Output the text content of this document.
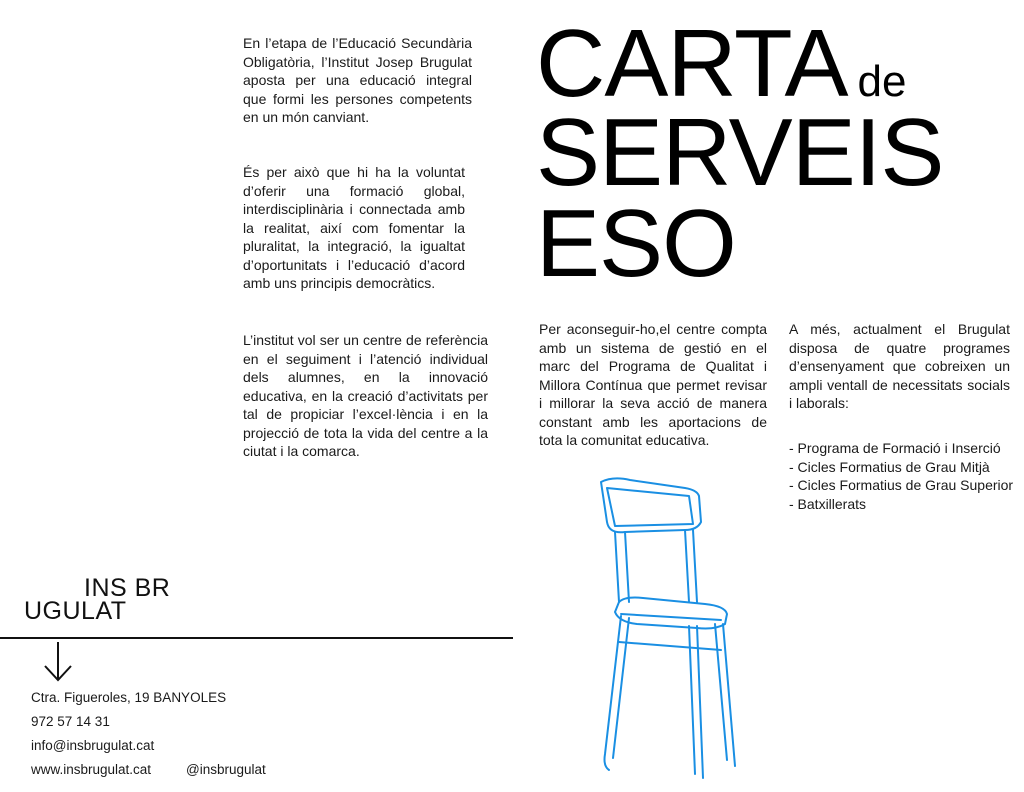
En l’etapa de l’Educació Secundària Obligatòria, l’Institut Josep Brugulat aposta per una educació integral que formi les persones competents en un món canviant.

És per això que hi ha la voluntat d’oferir una formació global, interdisciplinària i connectada amb la realitat, així com fomentar la pluralitat, la integració, la igualtat d’oportunitats i l’educació d’acord amb uns principis democràtics.

L’institut vol ser un centre de referència en el seguiment i l’atenció individual dels alumnes, en la innovació educativa, en la creació d’activitats per tal de propiciar l’excel·lència i en la projecció de tota la vida del centre a la ciutat i la comarca.

CARTA de
SERVEIS
ESO

Per aconseguir-ho,el centre compta amb un sistema de gestió en el marc del Programa de Qualitat i Millora Contínua que permet revisar i millorar la seva acció de manera constant amb les aportacions de tota la comunitat educativa.

A més, actualment el Brugulat disposa de quatre programes d’ensenyament que cobreixen un ampli ventall de necessitats socials i laborals:

- Programa de Formació i Inserció
- Cicles Formatius de Grau Mitjà
- Cicles Formatius de Grau Superior
- Batxillerats
INS BR
UGULAT
Ctra. Figueroles, 19 BANYOLES
972 57 14 31
info@insbrugulat.cat
www.insbrugulat.cat	@insbrugulat
